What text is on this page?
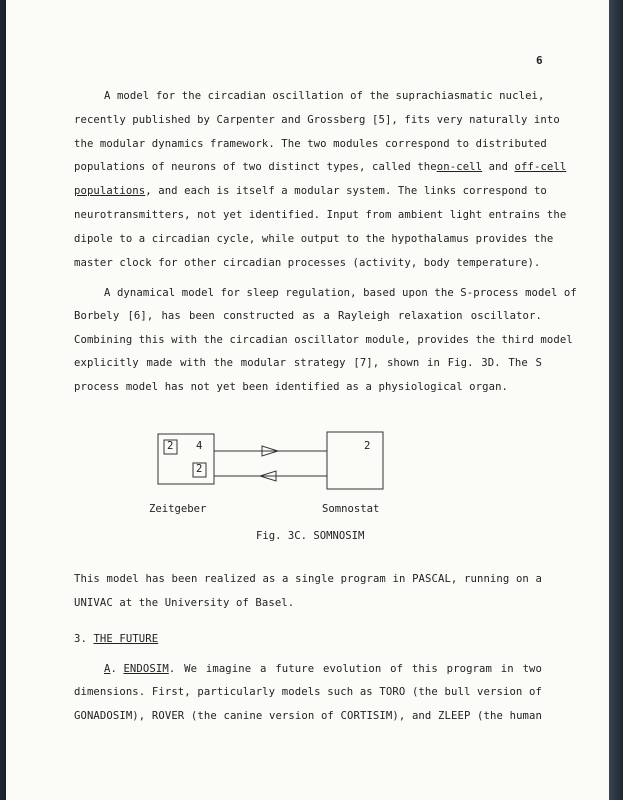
6
A model for the circadian oscillation of the suprachiasmatic nuclei,
recently published by Carpenter and Grossberg [5], fits very naturally into
the modular dynamics framework. The two modules correspond to distributed
populations of neurons of two distinct types, called the on-cell and off-cell
populations , and each is itself a modular system. The links correspond to
neurotransmitters, not yet identified. Input from ambient light entrains the
dipole to a circadian cycle, while output to the hypothalamus provides the
master clock for other circadian processes (activity, body temperature).
A dynamical model for sleep regulation, based upon the S-process model of
Borbely [6], has been constructed as a Rayleigh relaxation oscillator.
Combining this with the circadian oscillator module, provides the third model
explicitly made with the modular strategy [7], shown in Fig. 3D. The S
process model has not yet been identified as a physiological organ.
2 4
2
2
Zeitgeber	Somnostat
Fig. 3C. SOMNOSIM
This model has been realized as a single program in PASCAL, running on a
UNIVAC at the University of Basel.
3. THE FUTURE
A . ENDOSIM . We imagine a future evolution of this program in two
dimensions. First, particularly models such as TORO (the bull version of
GONADOSIM), ROVER (the canine version of CORTISIM), and ZLEEP (the human
